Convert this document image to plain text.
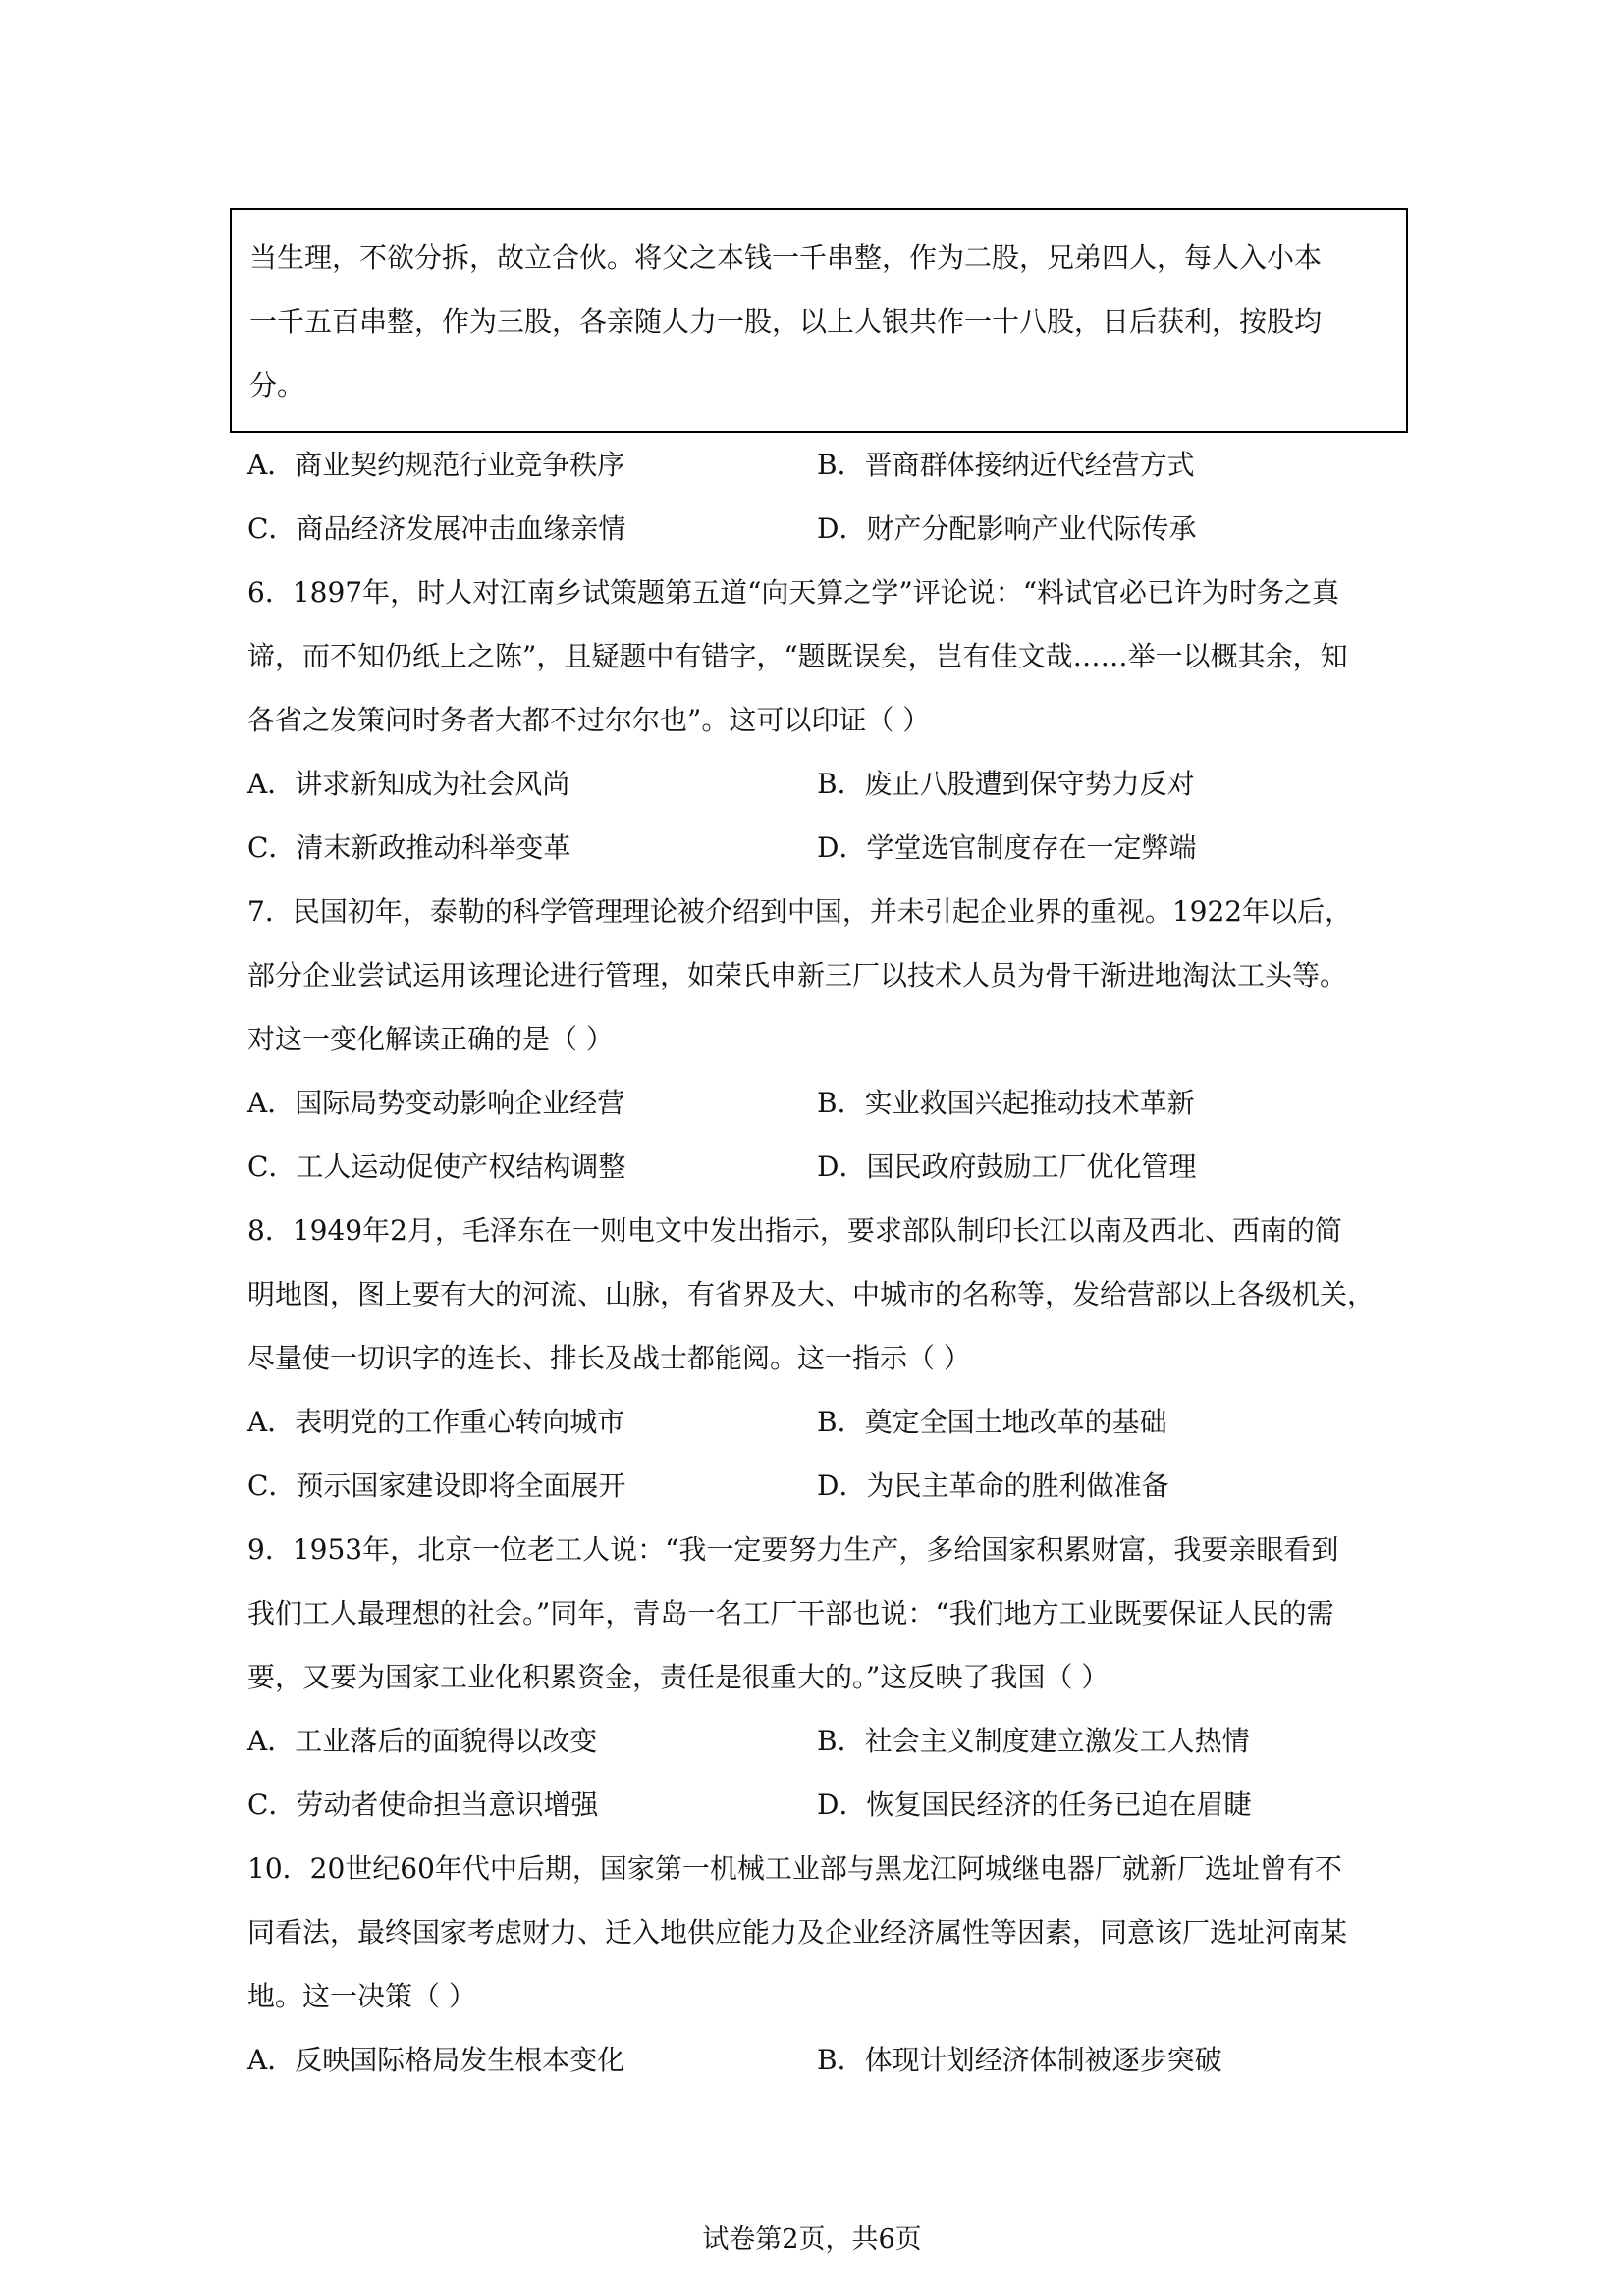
当生理，不欲分拆，故立合伙。将父之本钱一千串整，作为二股，兄弟四人，每人入小本
一千五百串整，作为三股，各亲随人力一股，以上人银共作一十八股，日后获利，按股均
分。
A．商业契约规范行业竞争秩序	B．晋商群体接纳近代经营方式
C．商品经济发展冲击血缘亲情	D．财产分配影响产业代际传承
6．1897年，时人对江南乡试策题第五道“向天算之学”评论说：“料试官必已许为时务之真
谛，而不知仍纸上之陈”，且疑题中有错字，“题既误矣，岂有佳文哉……举一以概其余，知
各省之发策问时务者大都不过尔尔也”。这可以印证（ ）
A．讲求新知成为社会风尚	B．废止八股遭到保守势力反对
C．清末新政推动科举变革	D．学堂选官制度存在一定弊端
7．民国初年，泰勒的科学管理理论被介绍到中国，并未引起企业界的重视。1922年以后，
部分企业尝试运用该理论进行管理，如荣氏申新三厂以技术人员为骨干渐进地淘汰工头等。
对这一变化解读正确的是（ ）
A．国际局势变动影响企业经营	B．实业救国兴起推动技术革新
C．工人运动促使产权结构调整	D．国民政府鼓励工厂优化管理
8．1949年2月，毛泽东在一则电文中发出指示，要求部队制印长江以南及西北、西南的简
明地图，图上要有大的河流、山脉，有省界及大、中城市的名称等，发给营部以上各级机关，
尽量使一切识字的连长、排长及战士都能阅。这一指示（ ）
A．表明党的工作重心转向城市	B．奠定全国土地改革的基础
C．预示国家建设即将全面展开	D．为民主革命的胜利做准备
9．1953年，北京一位老工人说：“我一定要努力生产，多给国家积累财富，我要亲眼看到
我们工人最理想的社会。”同年，青岛一名工厂干部也说：“我们地方工业既要保证人民的需
要，又要为国家工业化积累资金，责任是很重大的。”这反映了我国（ ）
A．工业落后的面貌得以改变	B．社会主义制度建立激发工人热情
C．劳动者使命担当意识增强	D．恢复国民经济的任务已迫在眉睫
10．20世纪60年代中后期，国家第一机械工业部与黑龙江阿城继电器厂就新厂选址曾有不
同看法，最终国家考虑财力、迁入地供应能力及企业经济属性等因素，同意该厂选址河南某
地。这一决策（ ）
A．反映国际格局发生根本变化	B．体现计划经济体制被逐步突破
试卷第2页，共6页
